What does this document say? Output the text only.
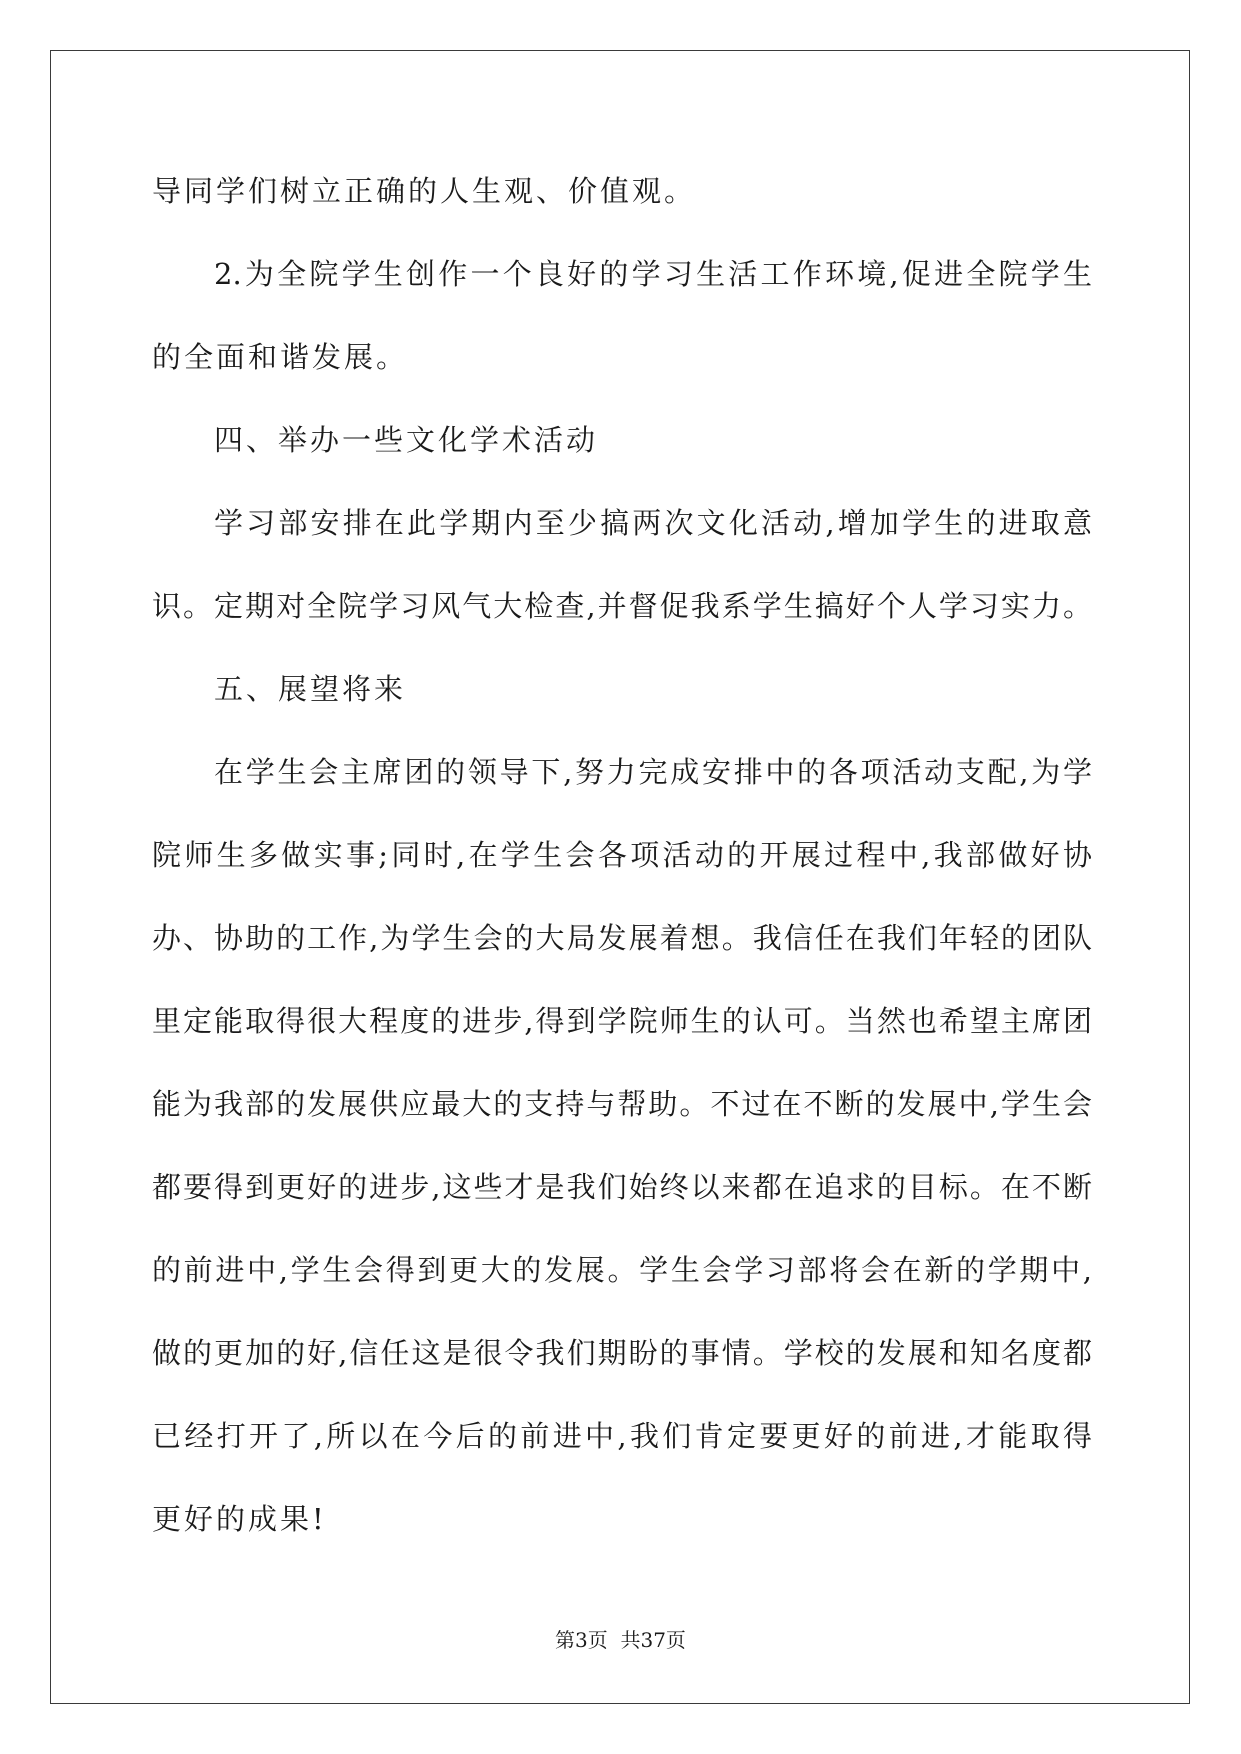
导同学们树立正确的人生观、价值观。
2.为全院学生创作一个良好的学习生活工作环境,促进全院学生
的全面和谐发展。
四、举办一些文化学术活动
学习部安排在此学期内至少搞两次文化活动,增加学生的进取意
识。定期对全院学习风气大检查,并督促我系学生搞好个人学习实力。
五、展望将来
在学生会主席团的领导下,努力完成安排中的各项活动支配,为学
院师生多做实事;同时,在学生会各项活动的开展过程中,我部做好协
办、协助的工作,为学生会的大局发展着想。我信任在我们年轻的团队
里定能取得很大程度的进步,得到学院师生的认可。当然也希望主席团
能为我部的发展供应最大的支持与帮助。不过在不断的发展中,学生会
都要得到更好的进步,这些才是我们始终以来都在追求的目标。在不断
的前进中,学生会得到更大的发展。学生会学习部将会在新的学期中,
做的更加的好,信任这是很令我们期盼的事情。学校的发展和知名度都
已经打开了,所以在今后的前进中,我们肯定要更好的前进,才能取得
更好的成果!
第3页  共37页
